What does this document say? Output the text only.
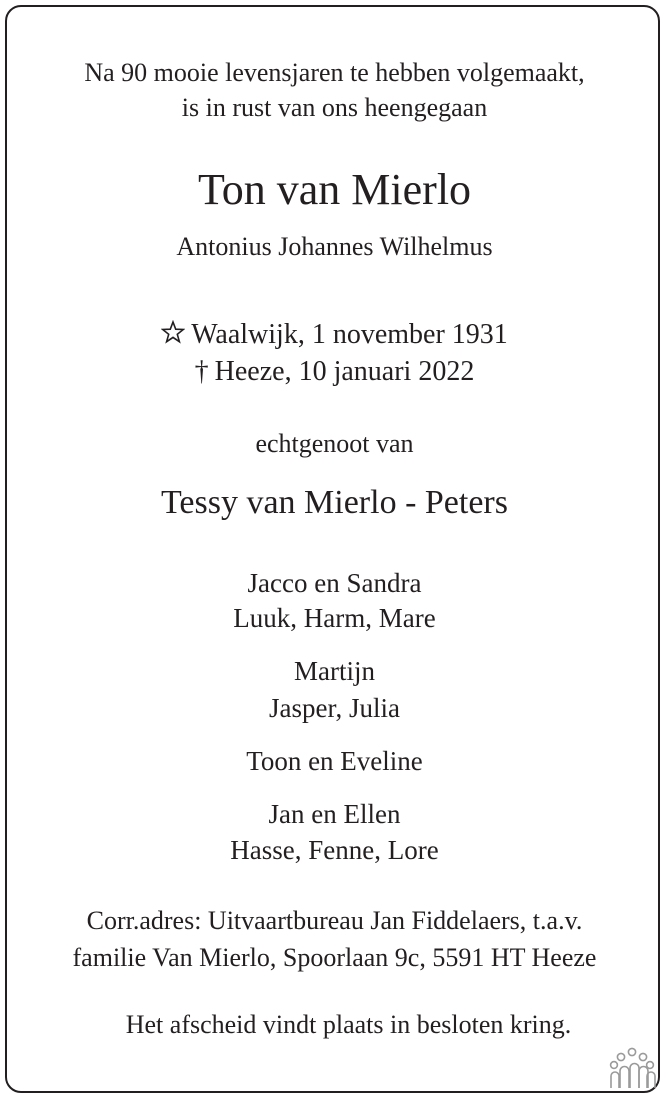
Na 90 mooie levensjaren te hebben volgemaakt,
is in rust van ons heengegaan
Ton van Mierlo
Antonius Johannes Wilhelmus
Waalwijk, 1 november 1931
† Heeze, 10 januari 2022
echtgenoot van
Tessy van Mierlo - Peters
Jacco en Sandra
Luuk, Harm, Mare
Martijn
Jasper, Julia
Toon en Eveline
Jan en Ellen
Hasse, Fenne, Lore
Corr.adres: Uitvaartbureau Jan Fiddelaers, t.a.v.
familie Van Mierlo, Spoorlaan 9c, 5591 HT Heeze
Het afscheid vindt plaats in besloten kring.
